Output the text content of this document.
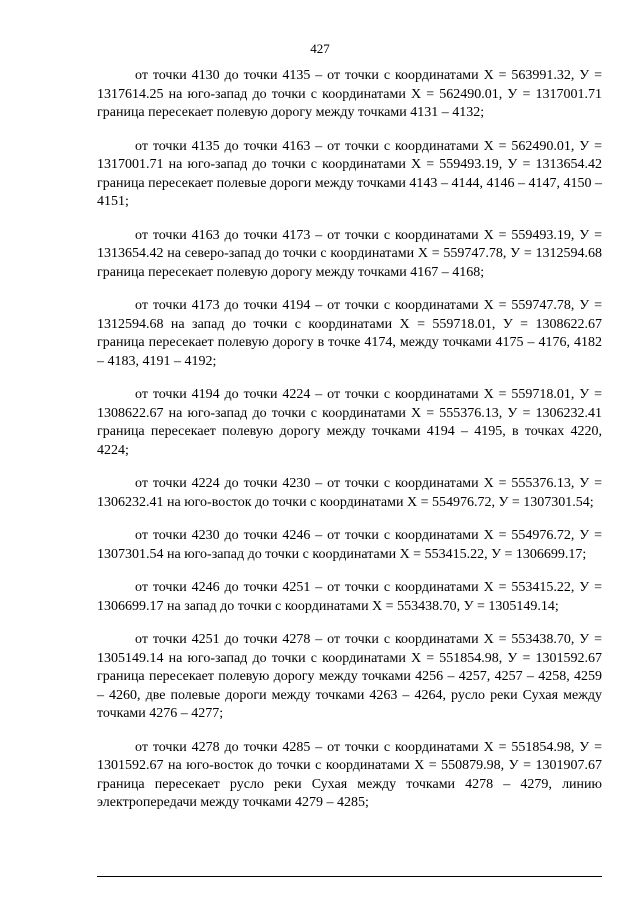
427

от точки 4130 до точки 4135 – от точки с координатами Х = 563991.32, У = 1317614.25 на юго-запад до точки с координатами Х = 562490.01, У = 1317001.71 граница пересекает полевую дорогу между точками 4131 – 4132;

от точки 4135 до точки 4163 – от точки с координатами Х = 562490.01, У = 1317001.71 на юго-запад до точки с координатами Х = 559493.19, У = 1313654.42 граница пересекает полевые дороги между точками 4143 – 4144, 4146 – 4147, 4150 – 4151;

от точки 4163 до точки 4173 – от точки с координатами Х = 559493.19, У = 1313654.42 на северо-запад до точки с координатами Х = 559747.78, У = 1312594.68 граница пересекает полевую дорогу между точками 4167 – 4168;

от точки 4173 до точки 4194 – от точки с координатами Х = 559747.78, У = 1312594.68 на запад до точки с координатами Х = 559718.01, У = 1308622.67 граница пересекает полевую дорогу в точке 4174, между точками 4175 – 4176, 4182 – 4183, 4191 – 4192;

от точки 4194 до точки 4224 – от точки с координатами Х = 559718.01, У = 1308622.67 на юго-запад до точки с координатами Х = 555376.13, У = 1306232.41 граница пересекает полевую дорогу между точками 4194 – 4195, в точках 4220, 4224;

от точки 4224 до точки 4230 – от точки с координатами Х = 555376.13, У = 1306232.41 на юго-восток до точки с координатами Х = 554976.72, У = 1307301.54;

от точки 4230 до точки 4246 – от точки с координатами Х = 554976.72, У = 1307301.54 на юго-запад до точки с координатами Х = 553415.22, У = 1306699.17;

от точки 4246 до точки 4251 – от точки с координатами Х = 553415.22, У = 1306699.17 на запад до точки с координатами Х = 553438.70, У = 1305149.14;

от точки 4251 до точки 4278 – от точки с координатами Х = 553438.70, У = 1305149.14 на юго-запад до точки с координатами Х = 551854.98, У = 1301592.67 граница пересекает полевую дорогу между точками 4256 – 4257, 4257 – 4258, 4259 – 4260, две полевые дороги между точками 4263 – 4264, русло реки Сухая между точками 4276 – 4277;

от точки 4278 до точки 4285 – от точки с координатами Х = 551854.98, У = 1301592.67 на юго-восток до точки с координатами Х = 550879.98, У = 1301907.67 граница пересекает русло реки Сухая между точками 4278 – 4279, линию электропередачи между точками 4279 – 4285;
